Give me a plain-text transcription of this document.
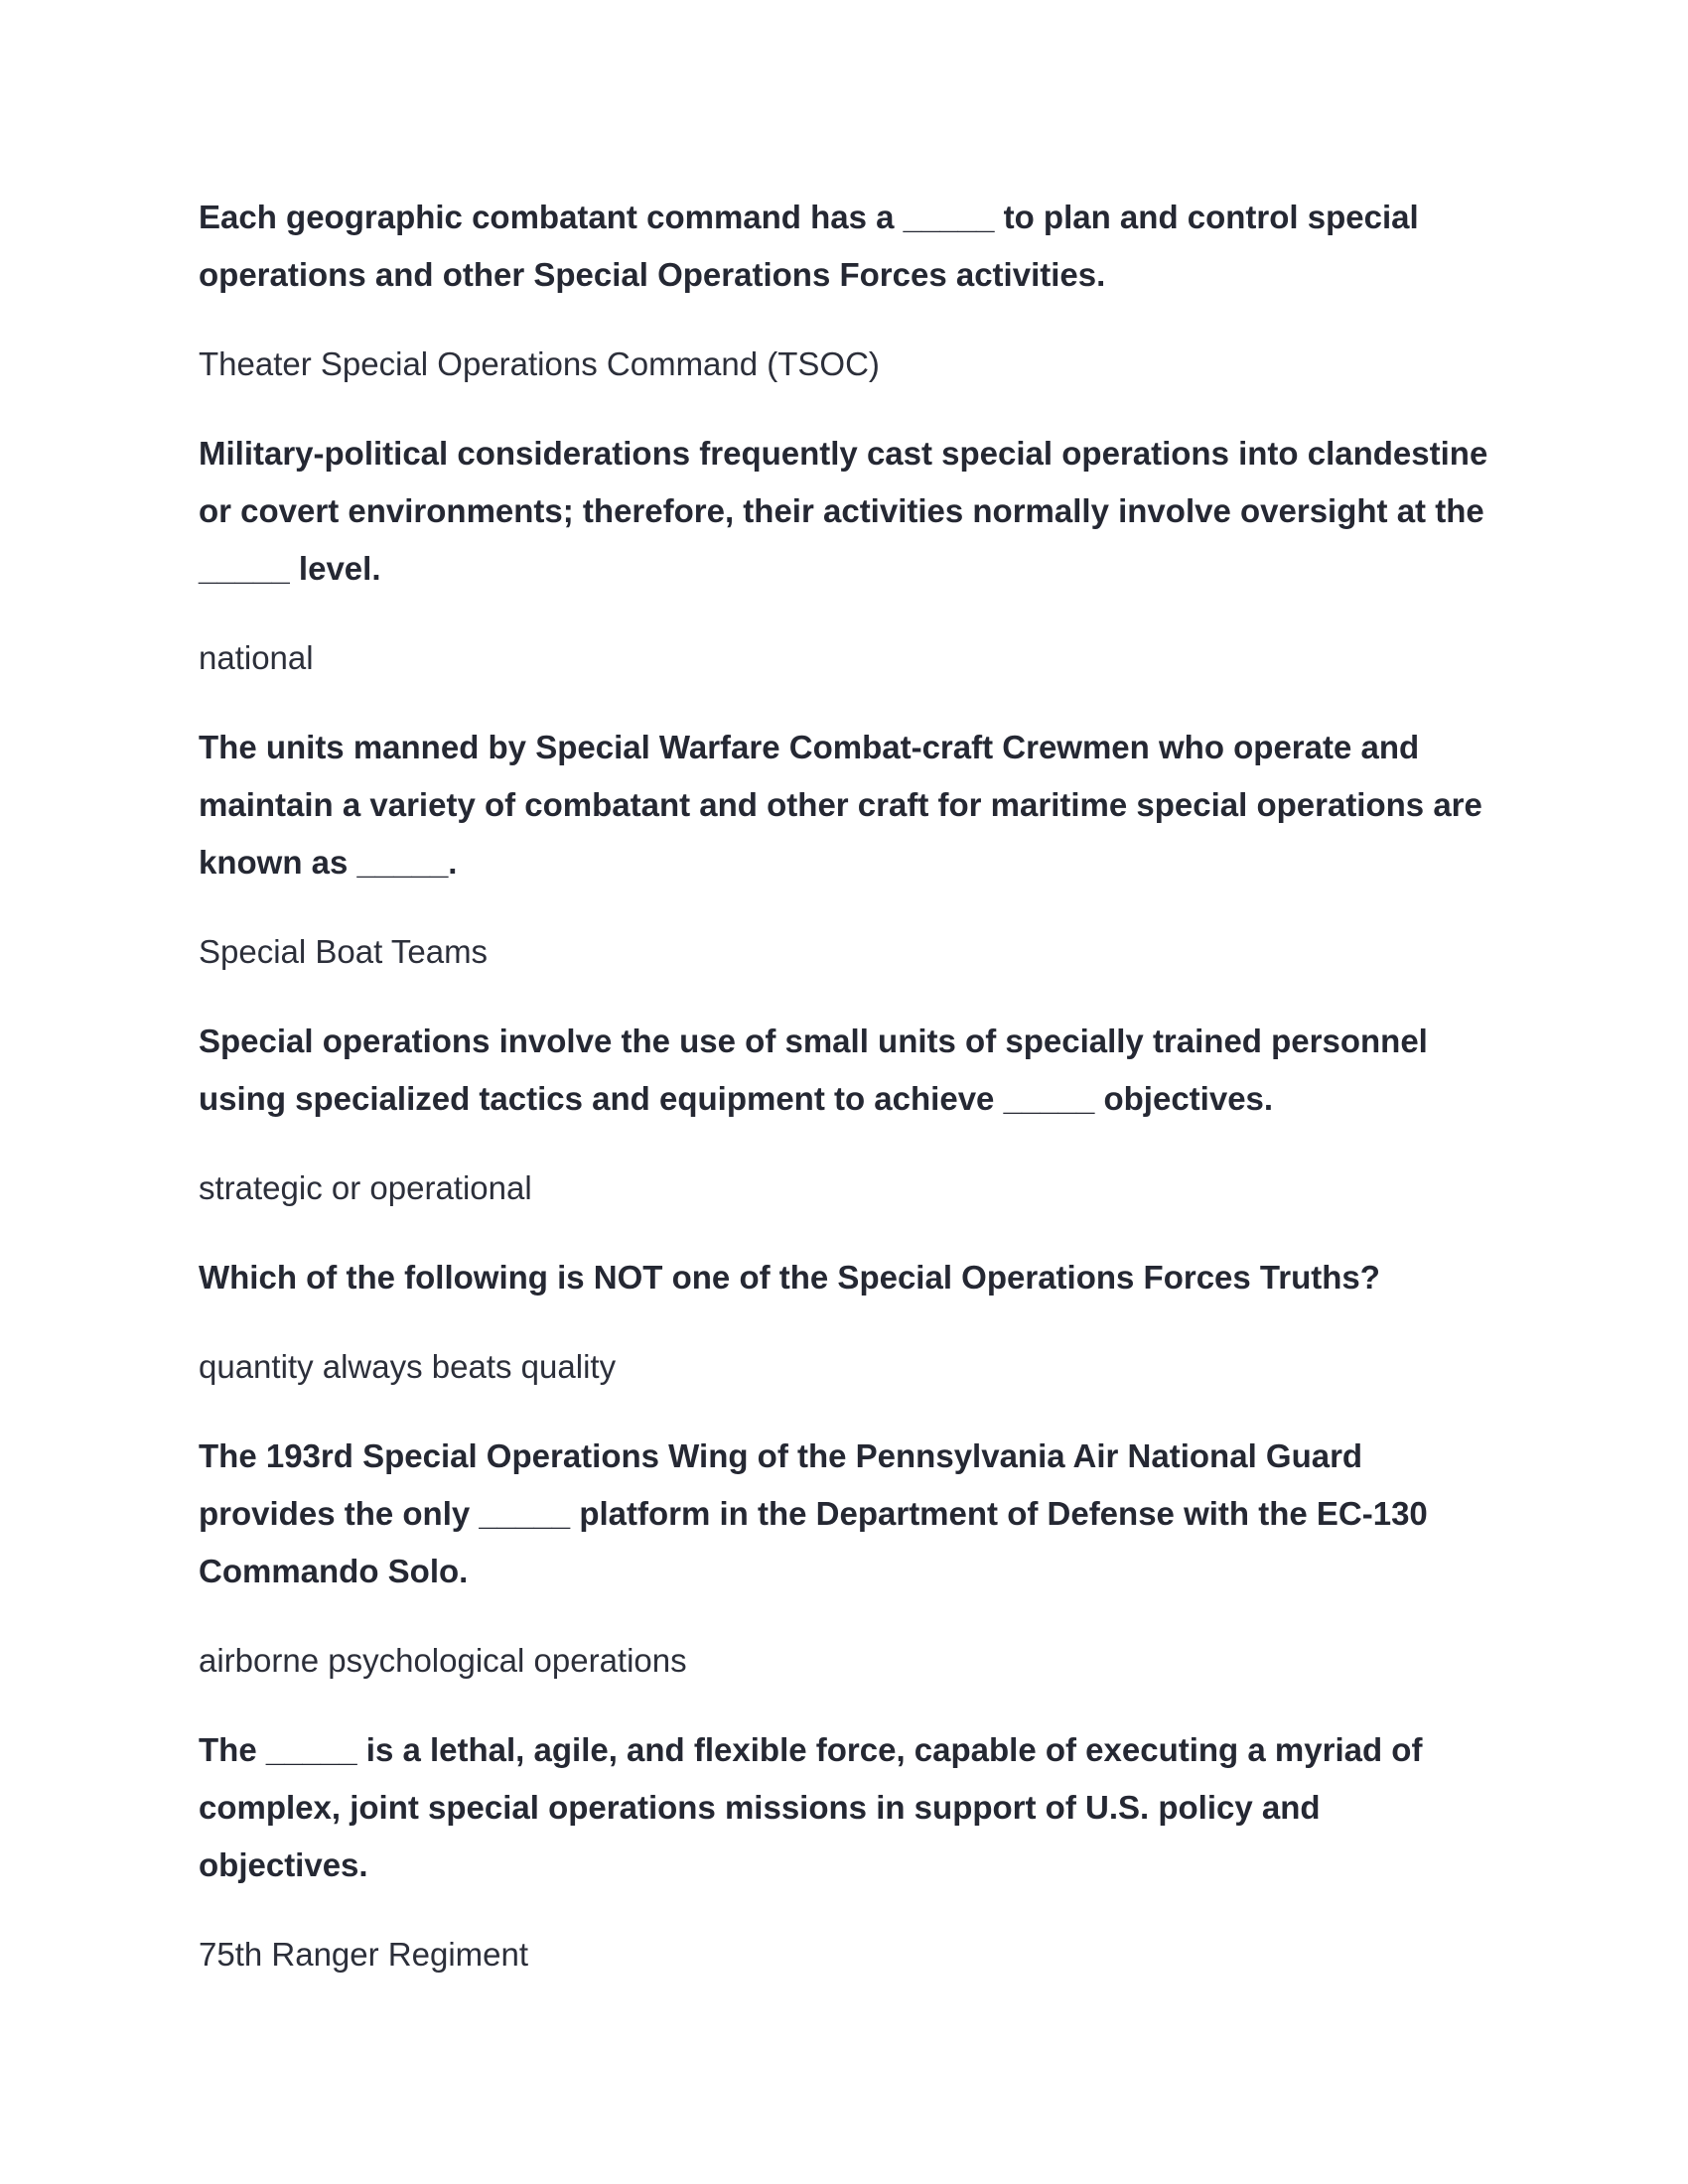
Each geographic combatant command has a _____ to plan and control special operations and other Special Operations Forces activities.

Theater Special Operations Command (TSOC)

Military-political considerations frequently cast special operations into clandestine or covert environments; therefore, their activities normally involve oversight at the _____ level.

national

The units manned by Special Warfare Combat-craft Crewmen who operate and maintain a variety of combatant and other craft for maritime special operations are known as _____.

Special Boat Teams

Special operations involve the use of small units of specially trained personnel using specialized tactics and equipment to achieve _____ objectives.

strategic or operational

Which of the following is NOT one of the Special Operations Forces Truths?

quantity always beats quality

The 193rd Special Operations Wing of the Pennsylvania Air National Guard provides the only _____ platform in the Department of Defense with the EC-130 Commando Solo.

airborne psychological operations

The _____ is a lethal, agile, and flexible force, capable of executing a myriad of complex, joint special operations missions in support of U.S. policy and objectives.

75th Ranger Regiment
